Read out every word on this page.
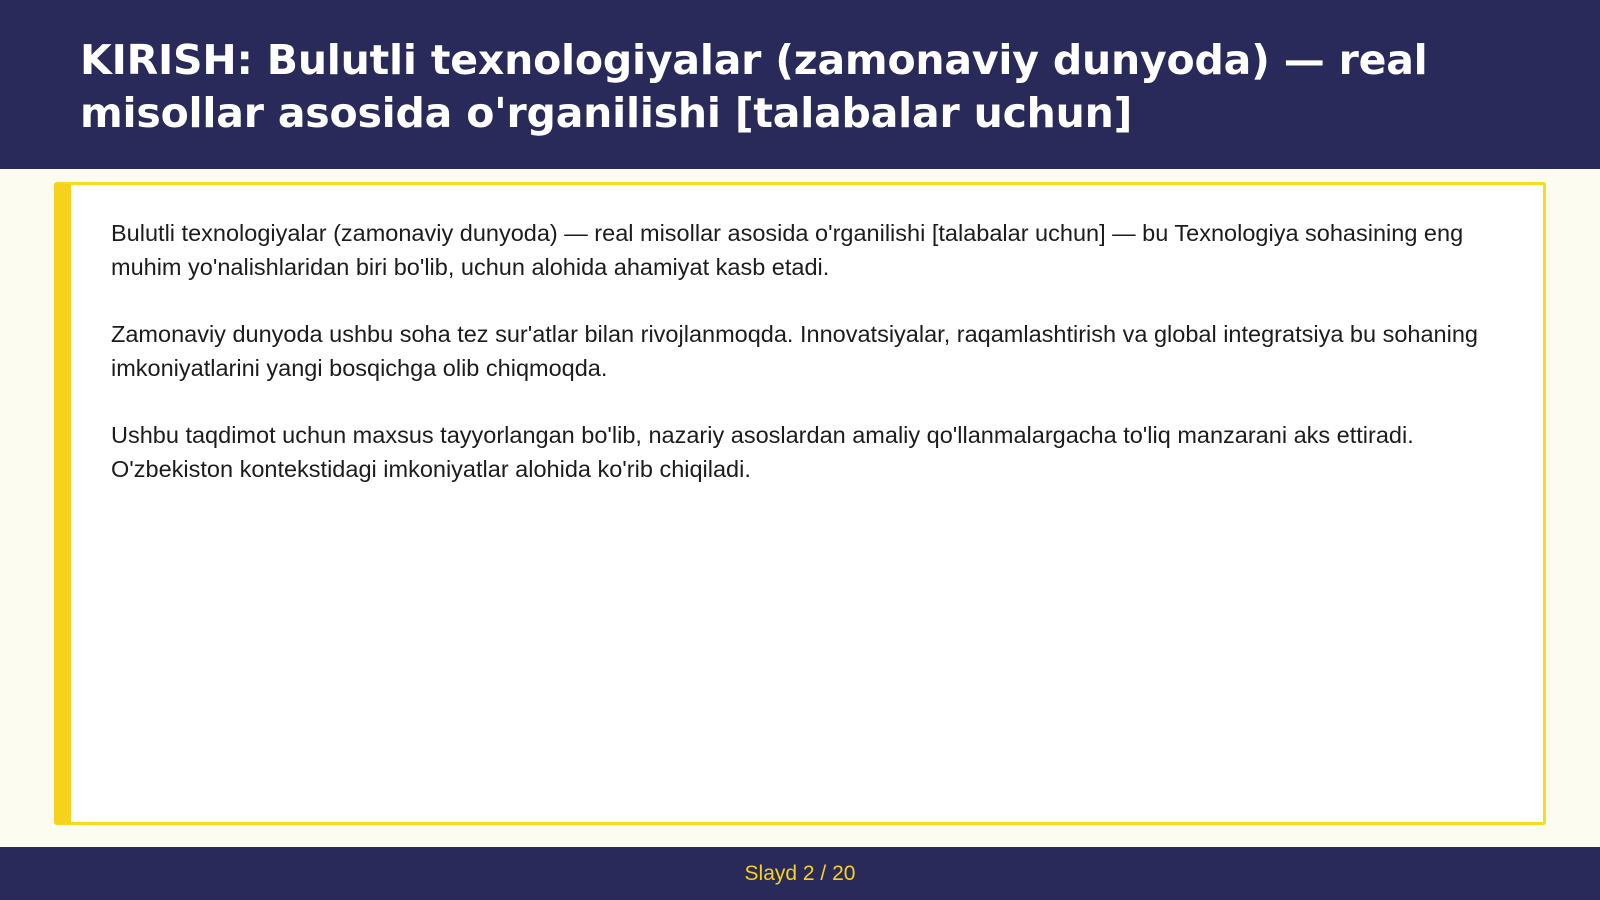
KIRISH: Bulutli texnologiyalar (zamonaviy dunyoda) — real misollar asosida o'rganilishi [talabalar uchun]

Bulutli texnologiyalar (zamonaviy dunyoda) — real misollar asosida o'rganilishi [talabalar uchun] — bu Texnologiya sohasining eng muhim yo'nalishlaridan biri bo'lib, uchun alohida ahamiyat kasb etadi.

Zamonaviy dunyoda ushbu soha tez sur'atlar bilan rivojlanmoqda. Innovatsiyalar, raqamlashtirish va global integratsiya bu sohaning imkoniyatlarini yangi bosqichga olib chiqmoqda.

Ushbu taqdimot uchun maxsus tayyorlangan bo'lib, nazariy asoslardan amaliy qo'llanmalargacha to'liq manzarani aks ettiradi. O'zbekiston kontekstidagi imkoniyatlar alohida ko'rib chiqiladi.

Slayd 2 / 20
